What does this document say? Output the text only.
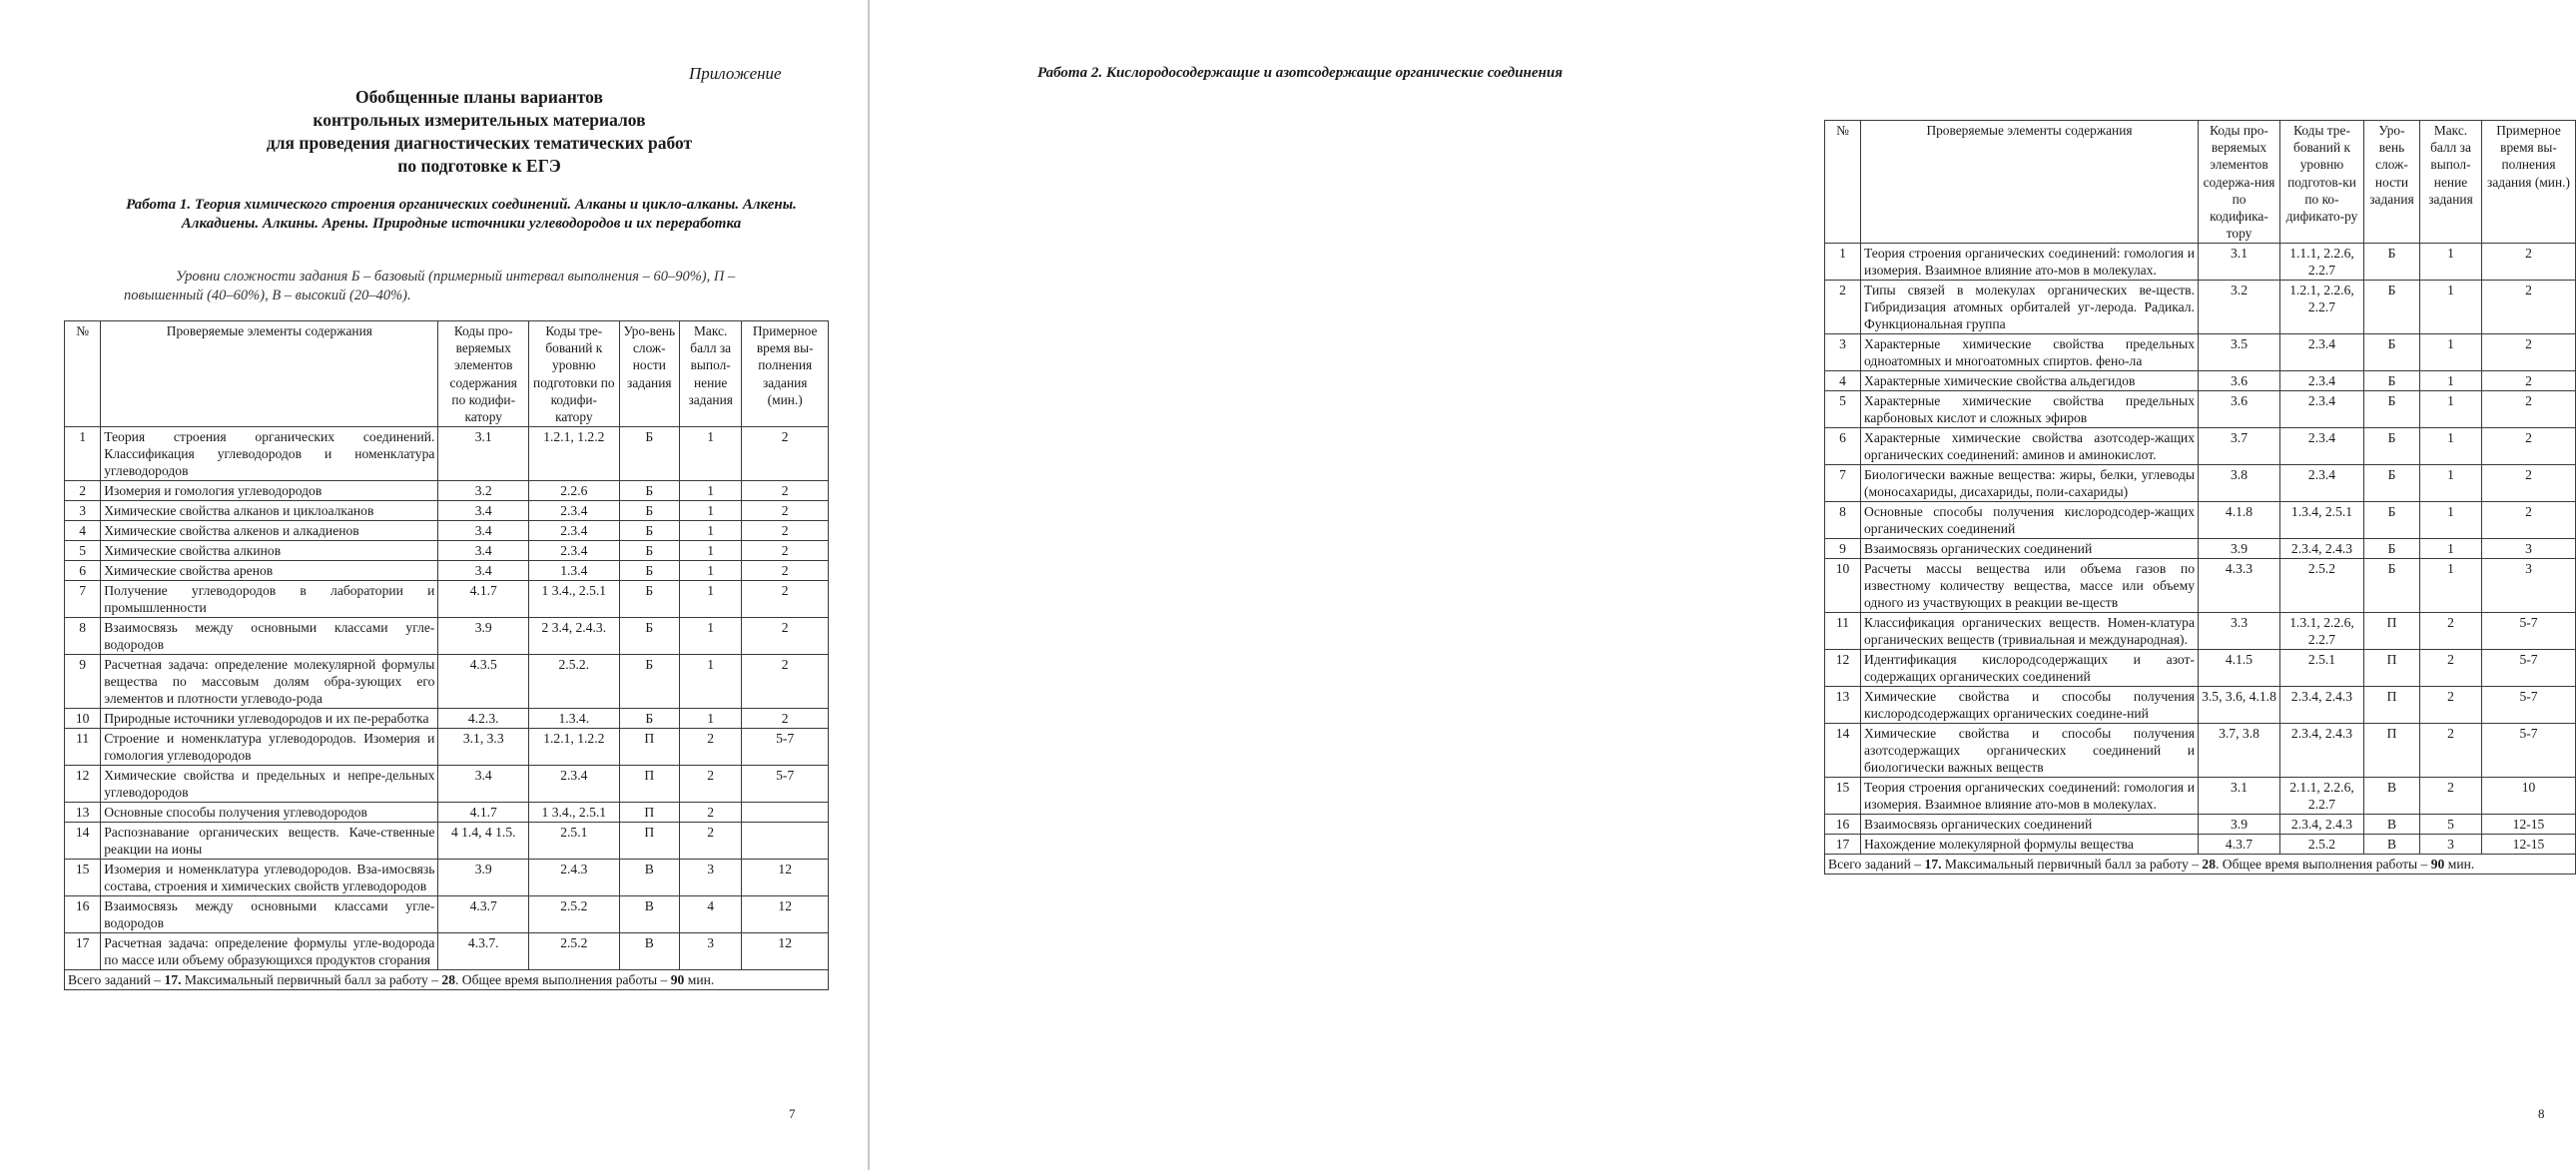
Приложение
Обобщенные планы вариантов
контрольных измерительных материалов
для проведения диагностических тематических работ
по подготовке к ЕГЭ
Работа 1. Теория химического строения органических соединений. Алканы и цикло-алканы. Алкены. Алкадиены. Алкины. Арены. Природные источники углеводородов и их переработка
Уровни сложности задания Б – базовый (примерный интервал выполнения – 60–90%), П – повышенный (40–60%), В – высокий (20–40%).
№	Проверяемые элементы содержания	Коды про-веряемых элементов содержания по кодифи-катору	Коды тре-бований к уровню подготовки по кодифи-катору	Уро-вень слож-ности задания	Макс. балл за выпол-нение задания	Примерное время вы-полнения задания (мин.)
1	Теория строения органических соединений. Классификация углеводородов и номенклатура углеводородов	3.1	1.2.1, 1.2.2	Б	1	2
2	Изомерия и гомология углеводородов	3.2	2.2.6	Б	1	2
3	Химические свойства алканов и циклоалканов	3.4	2.3.4	Б	1	2
4	Химические свойства алкенов и алкадиенов	3.4	2.3.4	Б	1	2
5	Химические свойства алкинов	3.4	2.3.4	Б	1	2
6	Химические свойства аренов	3.4	1.3.4	Б	1	2
7	Получение углеводородов в лаборатории и промышленности	4.1.7	1 3.4., 2.5.1	Б	1	2
8	Взаимосвязь между основными классами угле-водородов	3.9	2 3.4, 2.4.3.	Б	1	2
9	Расчетная задача: определение молекулярной формулы вещества по массовым долям обра-зующих его элементов и плотности углеводо-рода	4.3.5	2.5.2.	Б	1	2
10	Природные источники углеводородов и их пе-реработка	4.2.3.	1.3.4.	Б	1	2
11	Строение и номенклатура углеводородов. Изомерия и гомология углеводородов	3.1, 3.3	1.2.1, 1.2.2	П	2	5-7
12	Химические свойства и предельных и непре-дельных углеводородов	3.4	2.3.4	П	2	5-7
13	Основные способы получения углеводородов	4.1.7	1 3.4., 2.5.1	П	2	
14	Распознавание органических веществ. Каче-ственные реакции на ионы	4 1.4, 4 1.5.	2.5.1	П	2	
15	Изомерия и номенклатура углеводородов. Вза-имосвязь состава, строения и химических свойств углеводородов	3.9	2.4.3	В	3	12
16	Взаимосвязь между основными классами угле-водородов	4.3.7	2.5.2	В	4	12
17	Расчетная задача: определение формулы угле-водорода по массе или объему образующихся продуктов сгорания	4.3.7.	2.5.2	В	3	12
Всего заданий – 17. Максимальный первичный балл за работу – 28. Общее время выполнения работы – 90 мин.						
7
Работа 2. Кислородосодержащие и азотсодержащие органические соединения
№	Проверяемые элементы содержания	Коды про-веряемых элементов содержа-ния по кодифика-тору	Коды тре-бований к уровню подготов-ки по ко-дификато-ру	Уро-вень слож-ности задания	Макс. балл за выпол-нение задания	Примерное время вы-полнения задания (мин.)
1	Теория строения органических соединений: гомология и изомерия. Взаимное влияние ато-мов в молекулах.	3.1	1.1.1, 2.2.6, 2.2.7	Б	1	2
2	Типы связей в молекулах органических ве-ществ. Гибридизация атомных орбиталей уг-лерода. Радикал. Функциональная группа	3.2	1.2.1, 2.2.6, 2.2.7	Б	1	2
3	Характерные химические свойства предельных одноатомных и многоатомных спиртов. фено-ла	3.5	2.3.4	Б	1	2
4	Характерные химические свойства альдегидов	3.6	2.3.4	Б	1	2
5	Характерные химические свойства предельных карбоновых кислот и сложных эфиров	3.6	2.3.4	Б	1	2
6	Характерные химические свойства азотсодер-жащих органических соединений: аминов и аминокислот.	3.7	2.3.4	Б	1	2
7	Биологически важные вещества: жиры, белки, углеводы (моносахариды, дисахариды, поли-сахариды)	3.8	2.3.4	Б	1	2
8	Основные способы получения кислородсодер-жащих органических соединений	4.1.8	1.3.4, 2.5.1	Б	1	2
9	Взаимосвязь органических соединений	3.9	2.3.4, 2.4.3	Б	1	3
10	Расчеты массы вещества или объема газов по известному количеству вещества, массе или объему одного из участвующих в реакции ве-ществ	4.3.3	2.5.2	Б	1	3
11	Классификация органических веществ. Номен-клатура органических веществ (тривиальная и международная).	3.3	1.3.1, 2.2.6, 2.2.7	П	2	5-7
12	Идентификация кислородсодержащих и азот-содержащих органических соединений	4.1.5	2.5.1	П	2	5-7
13	Химические свойства и способы получения кислородсодержащих органических соедине-ний	3.5, 3.6, 4.1.8	2.3.4, 2.4.3	П	2	5-7
14	Химические свойства и способы получения азотсодержащих органических соединений и биологически важных веществ	3.7, 3.8	2.3.4, 2.4.3	П	2	5-7
15	Теория строения органических соединений: гомология и изомерия. Взаимное влияние ато-мов в молекулах.	3.1	2.1.1, 2.2.6, 2.2.7	В	2	10
16	Взаимосвязь органических соединений	3.9	2.3.4, 2.4.3	В	5	12-15
17	Нахождение молекулярной формулы вещества	4.3.7	2.5.2	В	3	12-15
Всего заданий – 17. Максимальный первичный балл за работу – 28. Общее время выполнения работы – 90 мин.						
8
